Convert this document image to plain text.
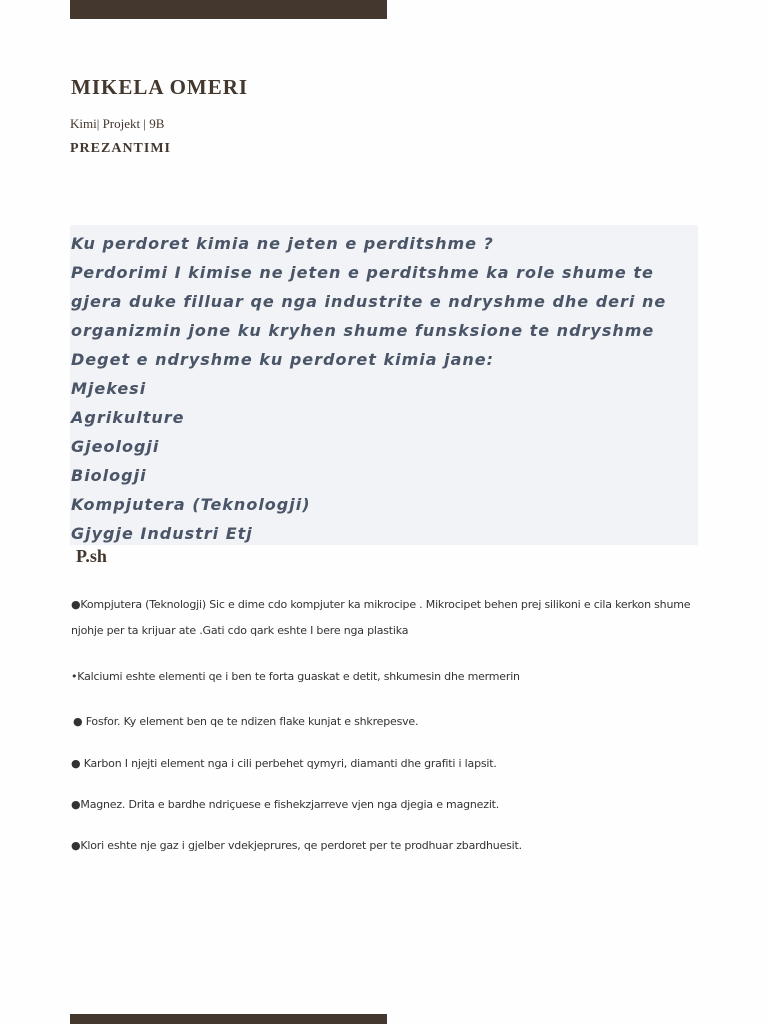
MIKELA OMERI
Kimi| Projekt | 9B
PREZANTIMI
Ku perdoret kimia ne jeten e perditshme ?
Perdorimi I kimise ne jeten e perditshme ka role shume te
gjera duke filluar qe nga industrite e ndryshme dhe deri ne
organizmin jone ku kryhen shume funsksione te ndryshme
Deget e ndryshme ku perdoret kimia jane:
Mjekesi
Agrikulture
Gjeologji
Biologji
Kompjutera (Teknologji)
Gjygje Industri Etj
P.sh
●Kompjutera (Teknologji) Sic e dime cdo kompjuter ka mikrocipe . Mikrocipet behen prej silikoni e cila kerkon shume njohje per ta krijuar ate .Gati cdo qark eshte I bere nga plastika
•Kalciumi eshte elementi qe i ben te forta guaskat e detit, shkumesin dhe mermerin
● Fosfor. Ky element ben qe te ndizen flake kunjat e shkrepesve.
● Karbon I njejti element nga i cili perbehet qymyri, diamanti dhe grafiti i lapsit.
●Magnez. Drita e bardhe ndriçuese e fishekzjarreve vjen nga djegia e magnezit.
●Klori eshte nje gaz i gjelber vdekjeprures, qe perdoret per te prodhuar zbardhuesit.
